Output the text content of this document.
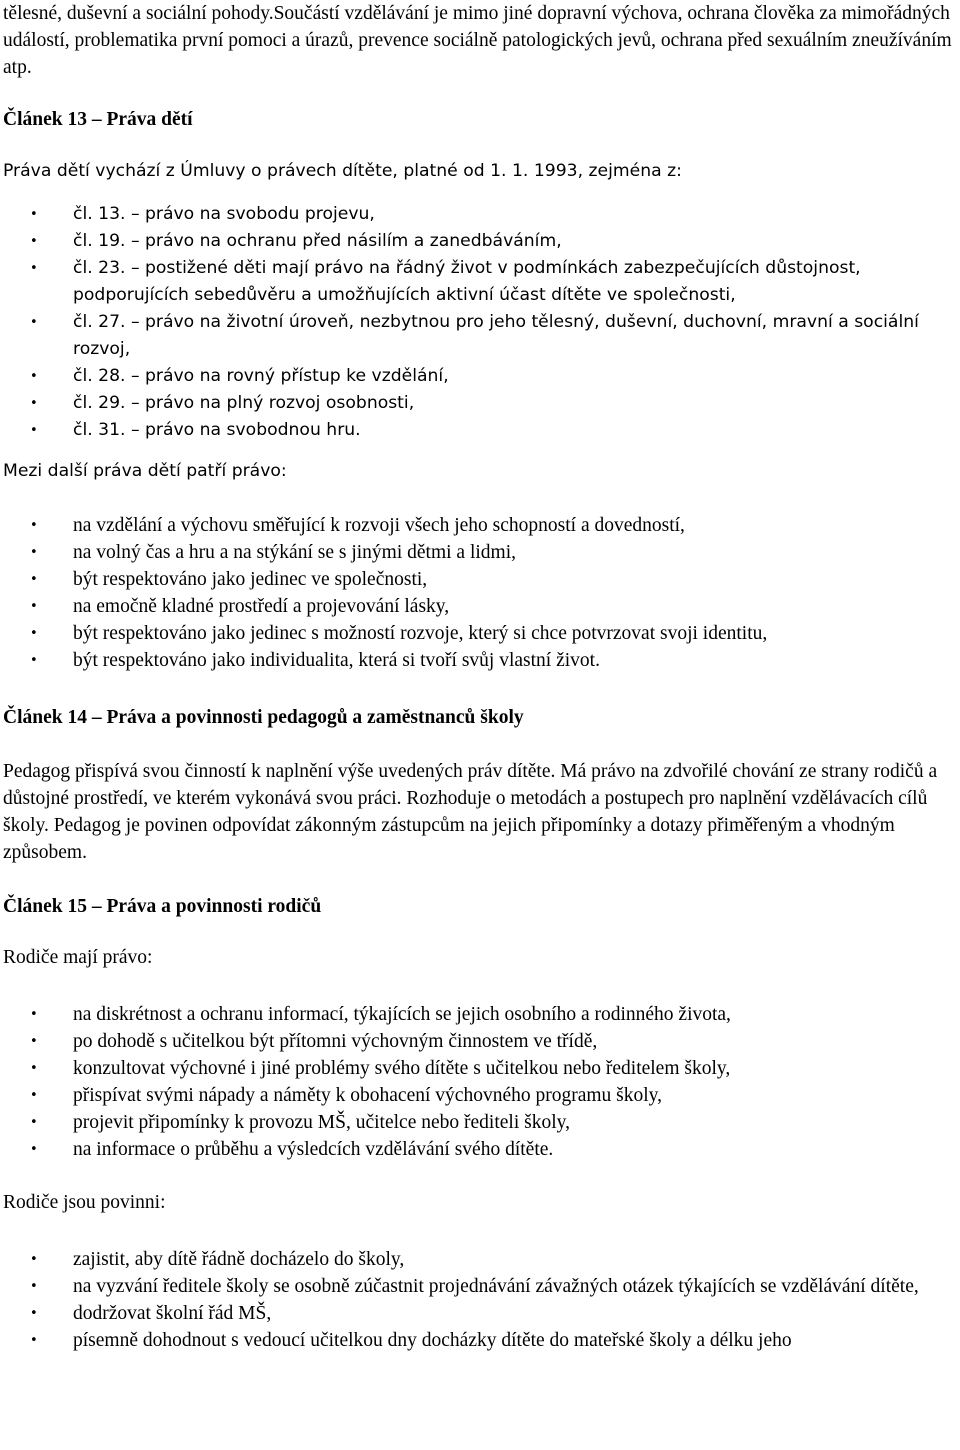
tělesné, duševní a sociální pohody.Součástí vzdělávání je mimo jiné dopravní výchova, ochrana člověka za mimořádných událostí, problematika první pomoci a úrazů, prevence sociálně patologických jevů, ochrana před sexuálním zneužíváním atp.

Článek 13 – Práva dětí

Práva dětí vychází z Úmluvy o právech dítěte, platné od 1. 1. 1993, zejména z:

• čl. 13. – právo na svobodu projevu,
• čl. 19. – právo na ochranu před násilím a zanedbáváním,
• čl. 23. – postižené děti mají právo na řádný život v podmínkách zabezpečujících důstojnost, podporujících sebedůvěru a umožňujících aktivní účast dítěte ve společnosti,
• čl. 27. – právo na životní úroveň, nezbytnou pro jeho tělesný, duševní, duchovní, mravní a sociální rozvoj,
• čl. 28. – právo na rovný přístup ke vzdělání,
• čl. 29. – právo na plný rozvoj osobnosti,
• čl. 31. – právo na svobodnou hru.

Mezi další práva dětí patří právo:

• na vzdělání a výchovu směřující k rozvoji všech jeho schopností a dovedností,
• na volný čas a hru a na stýkání se s jinými dětmi a lidmi,
• být respektováno jako jedinec ve společnosti,
• na emočně kladné prostředí a projevování lásky,
• být respektováno jako jedinec s možností rozvoje, který si chce potvrzovat svoji identitu,
• být respektováno jako individualita, která si tvoří svůj vlastní život.
Článek 14 – Práva a povinnosti pedagogů a zaměstnanců školy

Pedagog přispívá svou činností k naplnění výše uvedených práv dítěte. Má právo na zdvořilé chování ze strany rodičů a důstojné prostředí, ve kterém vykonává svou práci. Rozhoduje o metodách a postupech pro naplnění vzdělávacích cílů školy. Pedagog je povinen odpovídat zákonným zástupcům na jejich připomínky a dotazy přiměřeným a vhodným způsobem.

Článek 15 – Práva a povinnosti rodičů

Rodiče mají právo:

• na diskrétnost a ochranu informací, týkajících se jejich osobního a rodinného života,
• po dohodě s učitelkou být přítomni výchovným činnostem ve třídě,
• konzultovat výchovné i jiné problémy svého dítěte s učitelkou nebo ředitelem školy,
• přispívat svými nápady a náměty k obohacení výchovného programu školy,
• projevit připomínky k provozu MŠ, učitelce nebo řediteli školy,
• na informace o průběhu a výsledcích vzdělávání svého dítěte.

Rodiče jsou povinni:

• zajistit, aby dítě řádně docházelo do školy,
• na vyzvání ředitele školy se osobně zúčastnit projednávání závažných otázek týkajících se vzdělávání dítěte,
• dodržovat školní řád MŠ,
• písemně dohodnout s vedoucí učitelkou dny docházky dítěte do mateřské školy a délku jeho
